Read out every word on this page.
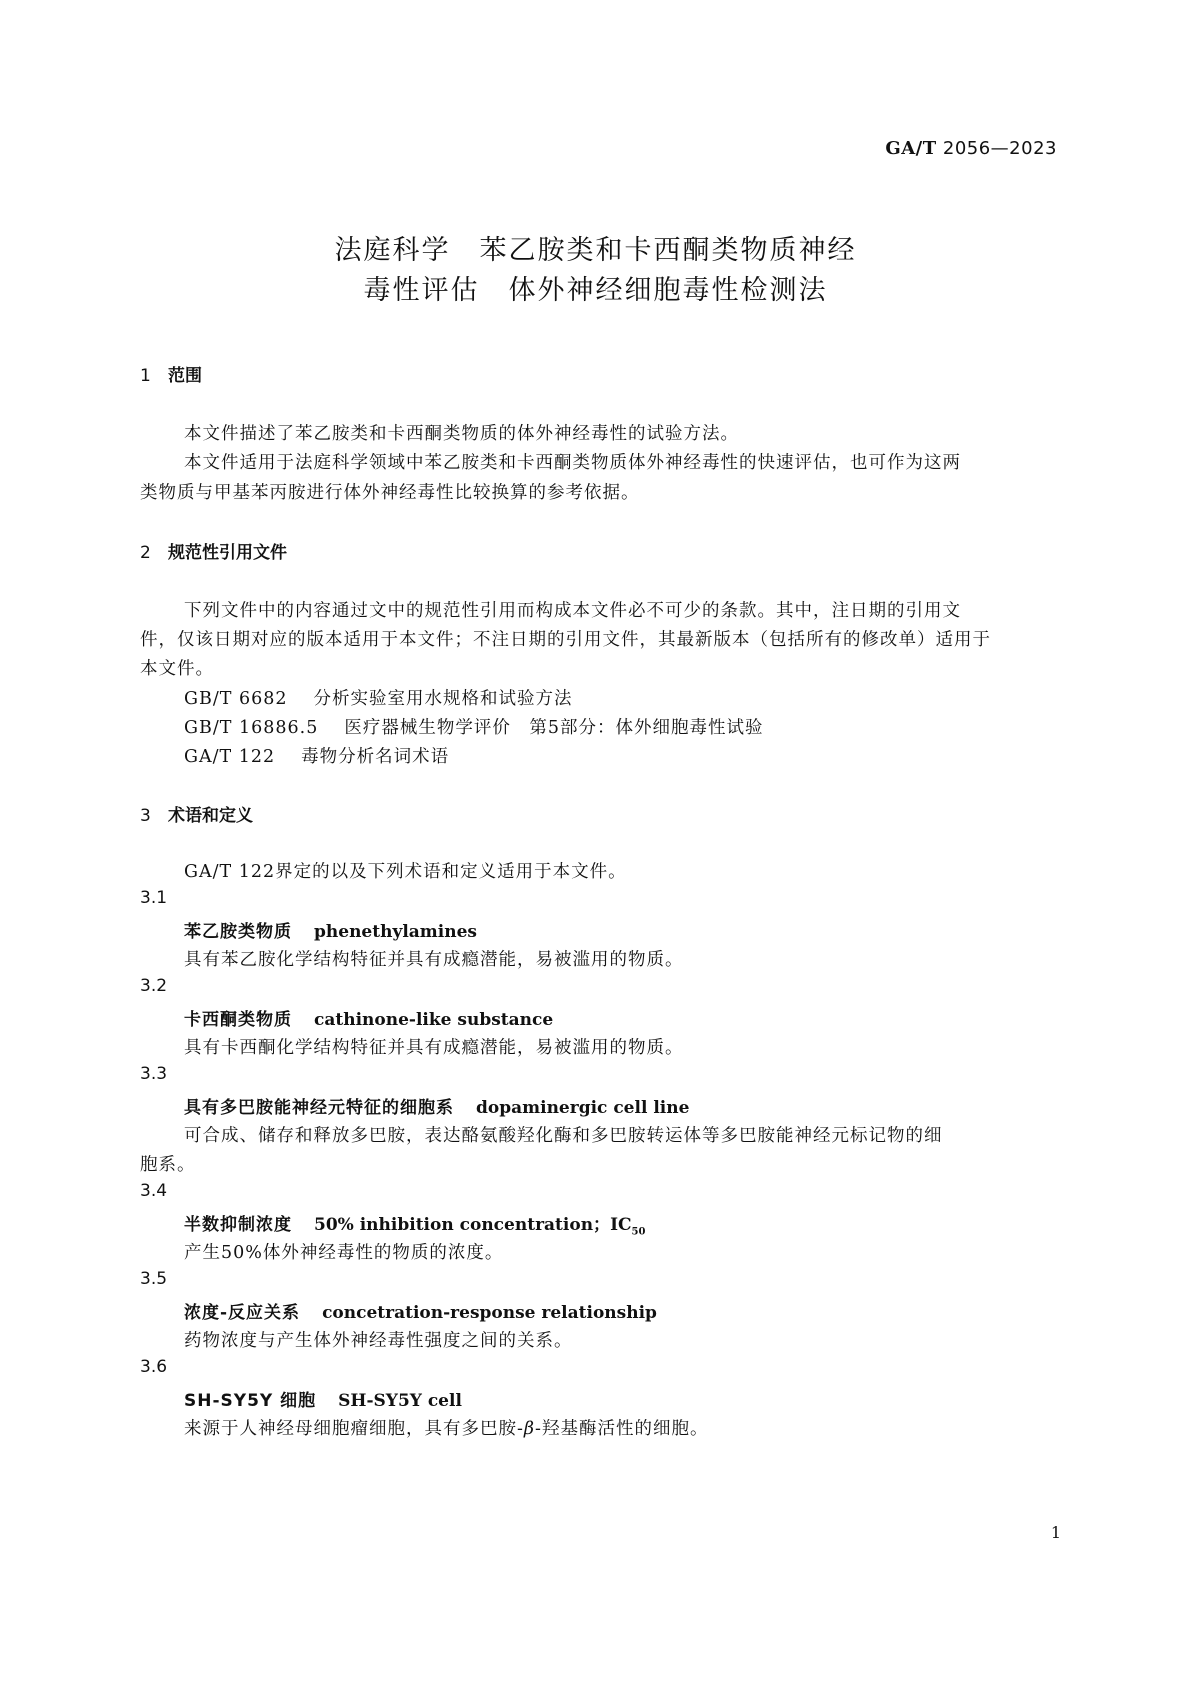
GA/T 2056—2023
法庭科学　苯乙胺类和卡西酮类物质神经
毒性评估　体外神经细胞毒性检测法
1 范围
本文件描述了苯乙胺类和卡西酮类物质的体外神经毒性的试验方法。
本文件适用于法庭科学领域中苯乙胺类和卡西酮类物质体外神经毒性的快速评估，也可作为这两
类物质与甲基苯丙胺进行体外神经毒性比较换算的参考依据。
2 规范性引用文件
下列文件中的内容通过文中的规范性引用而构成本文件必不可少的条款。其中，注日期的引用文
件，仅该日期对应的版本适用于本文件；不注日期的引用文件，其最新版本（包括所有的修改单）适用于
本文件。
GB/T 6682 分析实验室用水规格和试验方法
GB/T 16886.5 医疗器械生物学评价　第5部分：体外细胞毒性试验
GA/T 122 毒物分析名词术语
3 术语和定义
GA/T 122界定的以及下列术语和定义适用于本文件。
3.1
苯乙胺类物质 phenethylamines
具有苯乙胺化学结构特征并具有成瘾潜能，易被滥用的物质。
3.2
卡西酮类物质 cathinone-like substance
具有卡西酮化学结构特征并具有成瘾潜能，易被滥用的物质。
3.3
具有多巴胺能神经元特征的细胞系 dopaminergic cell line
可合成、储存和释放多巴胺，表达酪氨酸羟化酶和多巴胺转运体等多巴胺能神经元标记物的细
胞系。
3.4
半数抑制浓度 50% inhibition concentration；$IC_{50}$
产生50%体外神经毒性的物质的浓度。
3.5
浓度-反应关系 concetration-response relationship
药物浓度与产生体外神经毒性强度之间的关系。
3.6
SH-SY5Y 细胞 SH-SY5Y cell
来源于人神经母细胞瘤细胞，具有多巴胺-β-羟基酶活性的细胞。
1
